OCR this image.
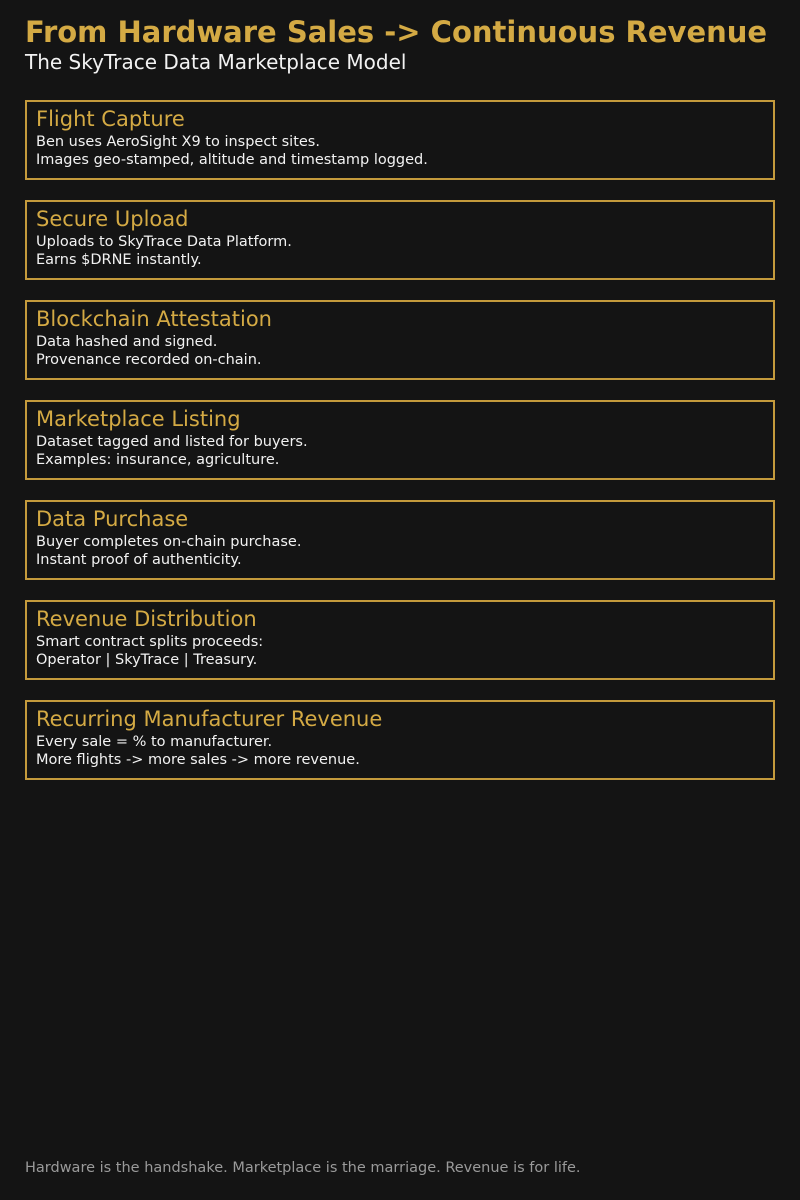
From Hardware Sales -> Continuous Revenue
The SkyTrace Data Marketplace Model
Flight Capture
Ben uses AeroSight X9 to inspect sites.
Images geo-stamped, altitude and timestamp logged.
Secure Upload
Uploads to SkyTrace Data Platform.
Earns $DRNE instantly.
Blockchain Attestation
Data hashed and signed.
Provenance recorded on-chain.
Marketplace Listing
Dataset tagged and listed for buyers.
Examples: insurance, agriculture.
Data Purchase
Buyer completes on-chain purchase.
Instant proof of authenticity.
Revenue Distribution
Smart contract splits proceeds:
Operator | SkyTrace | Treasury.
Recurring Manufacturer Revenue
Every sale = % to manufacturer.
More flights -> more sales -> more revenue.
Hardware is the handshake. Marketplace is the marriage. Revenue is for life.
